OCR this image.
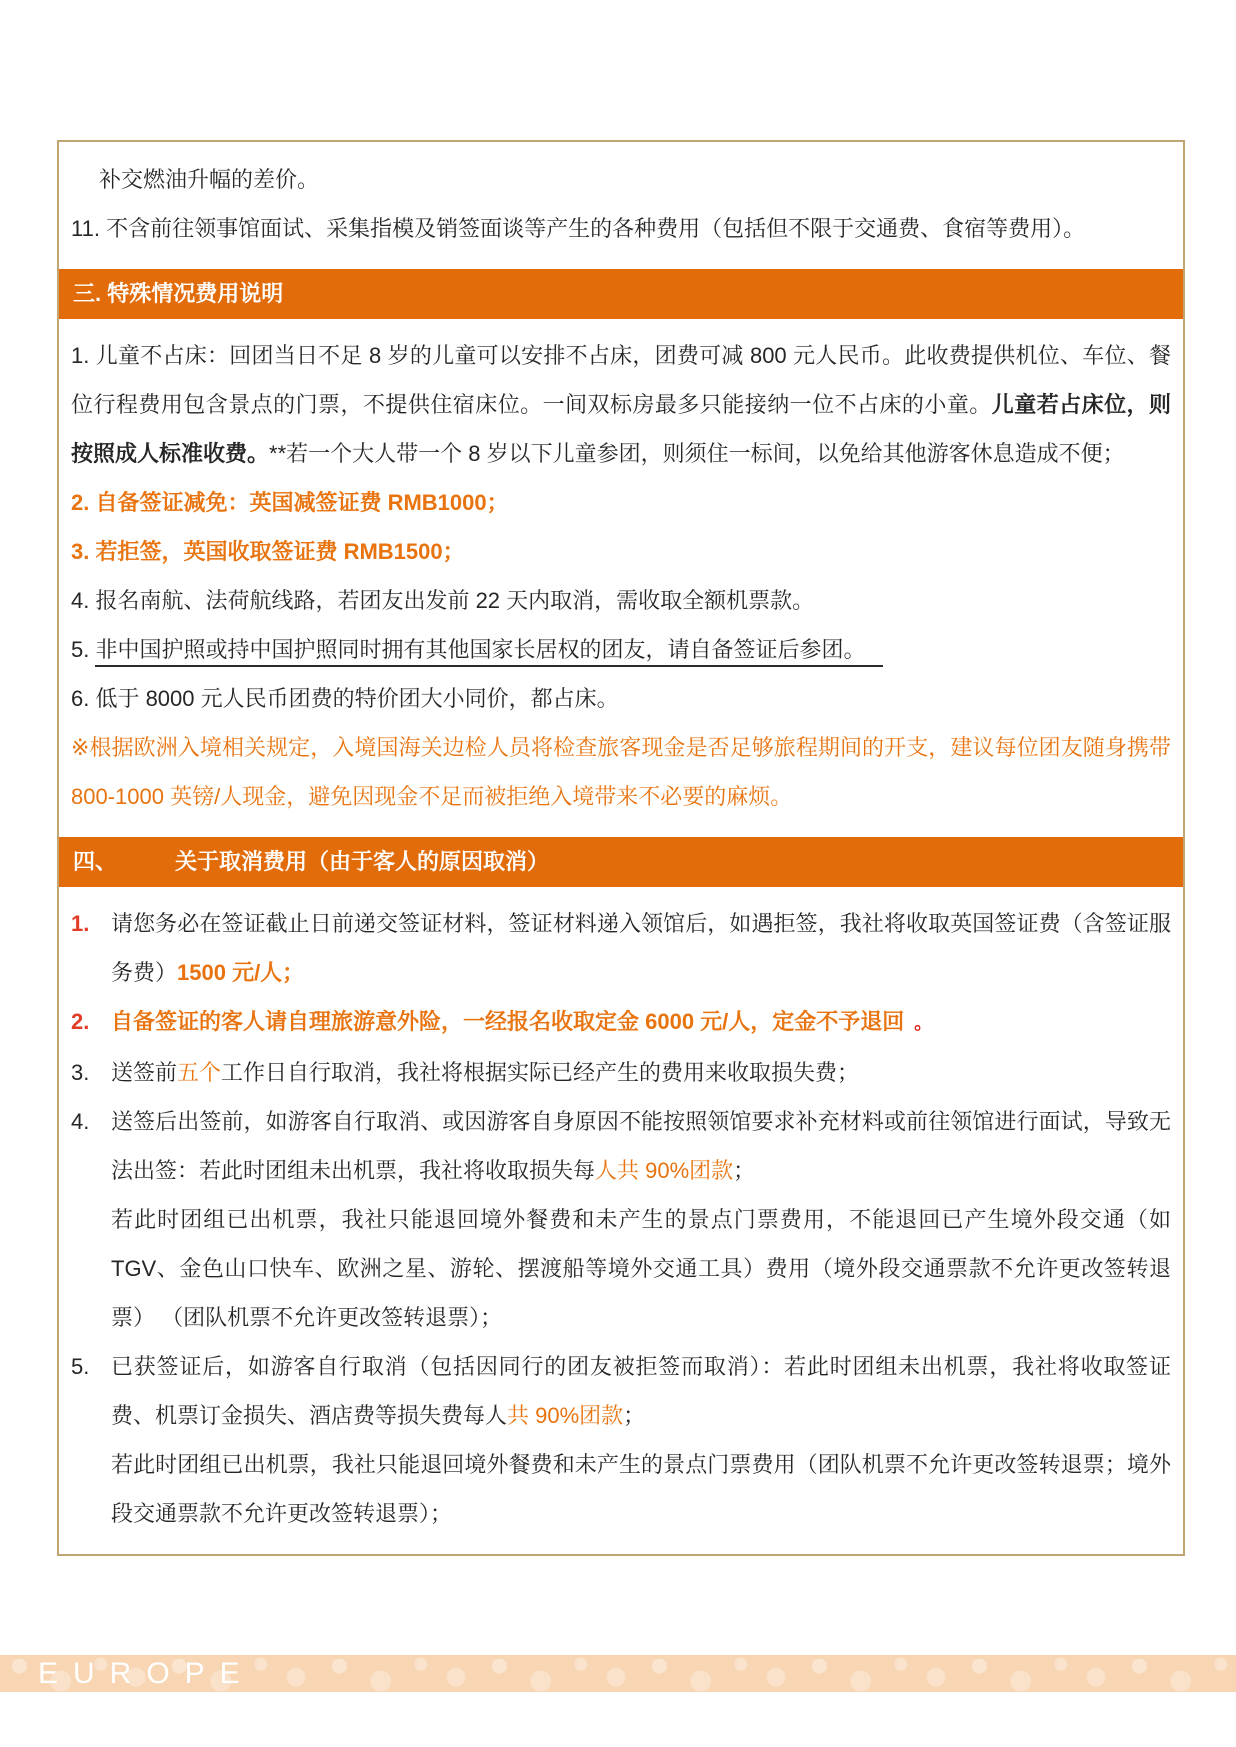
补交燃油升幅的差价。

11. 不含前往领事馆面试、采集指模及销签面谈等产生的各种费用（包括但不限于交通费、食宿等费用）。

三. 特殊情况费用说明

1. 儿童不占床：回团当日不足 8 岁的儿童可以安排不占床，团费可减 800 元人民币。此收费提供机位、车位、餐位行程费用包含景点的门票，不提供住宿床位。一间双标房最多只能接纳一位不占床的小童。儿童若占床位，则按照成人标准收费。**若一个大人带一个 8 岁以下儿童参团，则须住一标间，以免给其他游客休息造成不便；

2. 自备签证减免：英国减签证费 RMB1000；

3. 若拒签，英国收取签证费 RMB1500；

4. 报名南航、法荷航线路，若团友出发前 22 天内取消，需收取全额机票款。

5. 非中国护照或持中国护照同时拥有其他国家长居权的团友，请自备签证后参团。

6. 低于 8000 元人民币团费的特价团大小同价，都占床。

※根据欧洲入境相关规定，入境国海关边检人员将检查旅客现金是否足够旅程期间的开支，建议每位团友随身携带 800-1000 英镑/人现金，避免因现金不足而被拒绝入境带来不必要的麻烦。

四、	关于取消费用（由于客人的原因取消）
1. 请您务必在签证截止日前递交签证材料，签证材料递入领馆后，如遇拒签，我社将收取英国签证费（含签证服务费）1500 元/人；

2. 自备签证的客人请自理旅游意外险，一经报名收取定金 6000 元/人，定金不予退回 。

3. 送签前五个工作日自行取消，我社将根据实际已经产生的费用来收取损失费；

4. 送签后出签前，如游客自行取消、或因游客自身原因不能按照领馆要求补充材料或前往领馆进行面试，导致无法出签：若此时团组未出机票，我社将收取损失每人共 90%团款；

若此时团组已出机票，我社只能退回境外餐费和未产生的景点门票费用，不能退回已产生境外段交通（如 TGV、金色山口快车、欧洲之星、游轮、摆渡船等境外交通工具）费用（境外段交通票款不允许更改签转退票） （团队机票不允许更改签转退票）；

5. 已获签证后，如游客自行取消（包括因同行的团友被拒签而取消）：若此时团组未出机票，我社将收取签证费、机票订金损失、酒店费等损失费每人共 90%团款；

若此时团组已出机票，我社只能退回境外餐费和未产生的景点门票费用（团队机票不允许更改签转退票；境外段交通票款不允许更改签转退票）；

EUROPE
